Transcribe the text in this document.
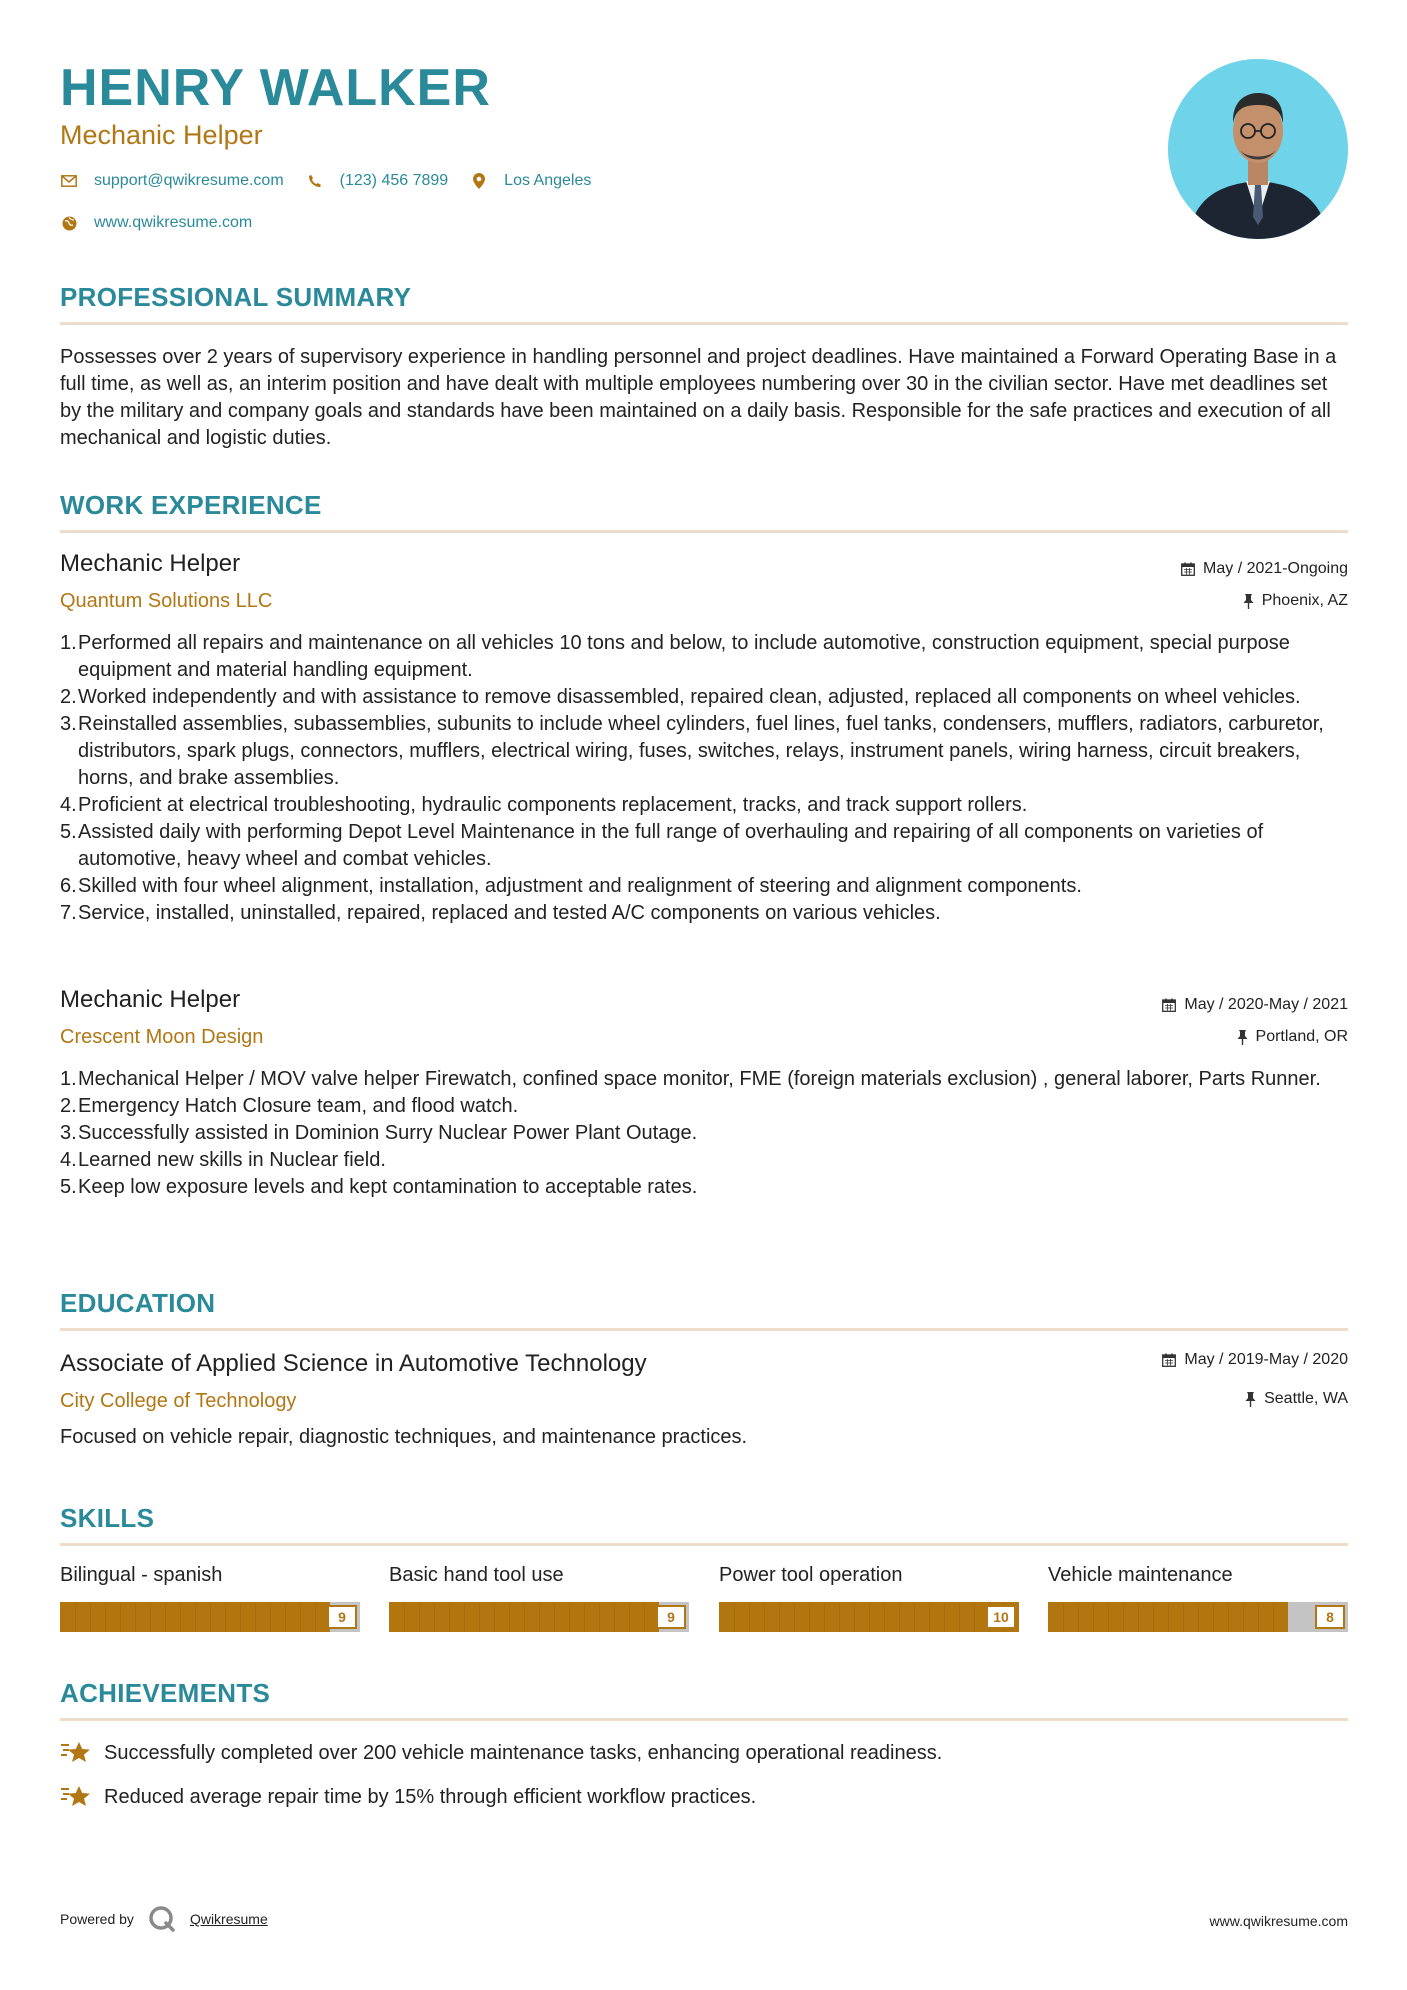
HENRY WALKER
Mechanic Helper
support@qwikresume.com	(123) 456 7899	Los Angeles
www.qwikresume.com
PROFESSIONAL SUMMARY
Possesses over 2 years of supervisory experience in handling personnel and project deadlines. Have maintained a Forward Operating Base in a full time, as well as, an interim position and have dealt with multiple employees numbering over 30 in the civilian sector. Have met deadlines set by the military and company goals and standards have been maintained on a daily basis. Responsible for the safe practices and execution of all mechanical and logistic duties.
WORK EXPERIENCE
Mechanic Helper
Quantum Solutions LLC
May / 2021-Ongoing
Phoenix, AZ
1. Performed all repairs and maintenance on all vehicles 10 tons and below, to include automotive, construction equipment, special purpose equipment and material handling equipment.
2. Worked independently and with assistance to remove disassembled, repaired clean, adjusted, replaced all components on wheel vehicles.
3. Reinstalled assemblies, subassemblies, subunits to include wheel cylinders, fuel lines, fuel tanks, condensers, mufflers, radiators, carburetor, distributors, spark plugs, connectors, mufflers, electrical wiring, fuses, switches, relays, instrument panels, wiring harness, circuit breakers, horns, and brake assemblies.
4. Proficient at electrical troubleshooting, hydraulic components replacement, tracks, and track support rollers.
5. Assisted daily with performing Depot Level Maintenance in the full range of overhauling and repairing of all components on varieties of automotive, heavy wheel and combat vehicles.
6. Skilled with four wheel alignment, installation, adjustment and realignment of steering and alignment components.
7. Service, installed, uninstalled, repaired, replaced and tested A/C components on various vehicles.
Mechanic Helper
Crescent Moon Design
May / 2020-May / 2021
Portland, OR
1. Mechanical Helper / MOV valve helper Firewatch, confined space monitor, FME (foreign materials exclusion) , general laborer, Parts Runner.
2. Emergency Hatch Closure team, and flood watch.
3. Successfully assisted in Dominion Surry Nuclear Power Plant Outage.
4. Learned new skills in Nuclear field.
5. Keep low exposure levels and kept contamination to acceptable rates.
EDUCATION
Associate of Applied Science in Automotive Technology
City College of Technology
May / 2019-May / 2020
Seattle, WA
Focused on vehicle repair, diagnostic techniques, and maintenance practices.
SKILLS
Bilingual - spanish
9
Basic hand tool use
9
Power tool operation
10
Vehicle maintenance
8
ACHIEVEMENTS
Successfully completed over 200 vehicle maintenance tasks, enhancing operational readiness.
Reduced average repair time by 15% through efficient workflow practices.
Powered by	Qwikresume	www.qwikresume.com
